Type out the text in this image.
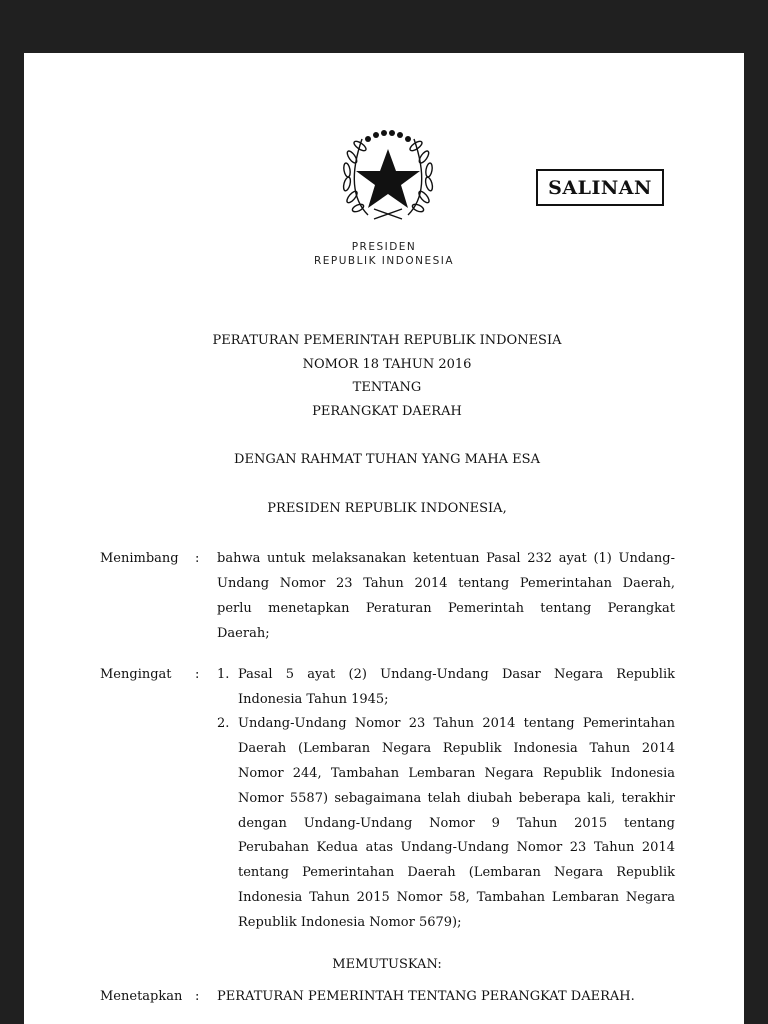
SALINAN
PRESIDEN
REPUBLIK INDONESIA
PERATURAN PEMERINTAH REPUBLIK INDONESIA
NOMOR 18 TAHUN 2016
TENTANG
PERANGKAT DAERAH
DENGAN RAHMAT TUHAN YANG MAHA ESA
PRESIDEN REPUBLIK INDONESIA,
Menimbang : bahwa untuk melaksanakan ketentuan Pasal 232 ayat (1) Undang-
Undang Nomor 23 Tahun 2014 tentang Pemerintahan Daerah,
perlu menetapkan Peraturan Pemerintah tentang Perangkat
Daerah;
Mengingat : 1. Pasal 5 ayat (2) Undang-Undang Dasar Negara Republik
Indonesia Tahun 1945;
2. Undang-Undang Nomor 23 Tahun 2014 tentang Pemerintahan
Daerah (Lembaran Negara Republik Indonesia Tahun 2014
Nomor 244, Tambahan Lembaran Negara Republik Indonesia
Nomor 5587) sebagaimana telah diubah beberapa kali, terakhir
dengan Undang-Undang Nomor 9 Tahun 2015 tentang
Perubahan Kedua atas Undang-Undang Nomor 23 Tahun 2014
tentang Pemerintahan Daerah (Lembaran Negara Republik
Indonesia Tahun 2015 Nomor 58, Tambahan Lembaran Negara
Republik Indonesia Nomor 5679);
MEMUTUSKAN:
Menetapkan : PERATURAN PEMERINTAH TENTANG PERANGKAT DAERAH.
